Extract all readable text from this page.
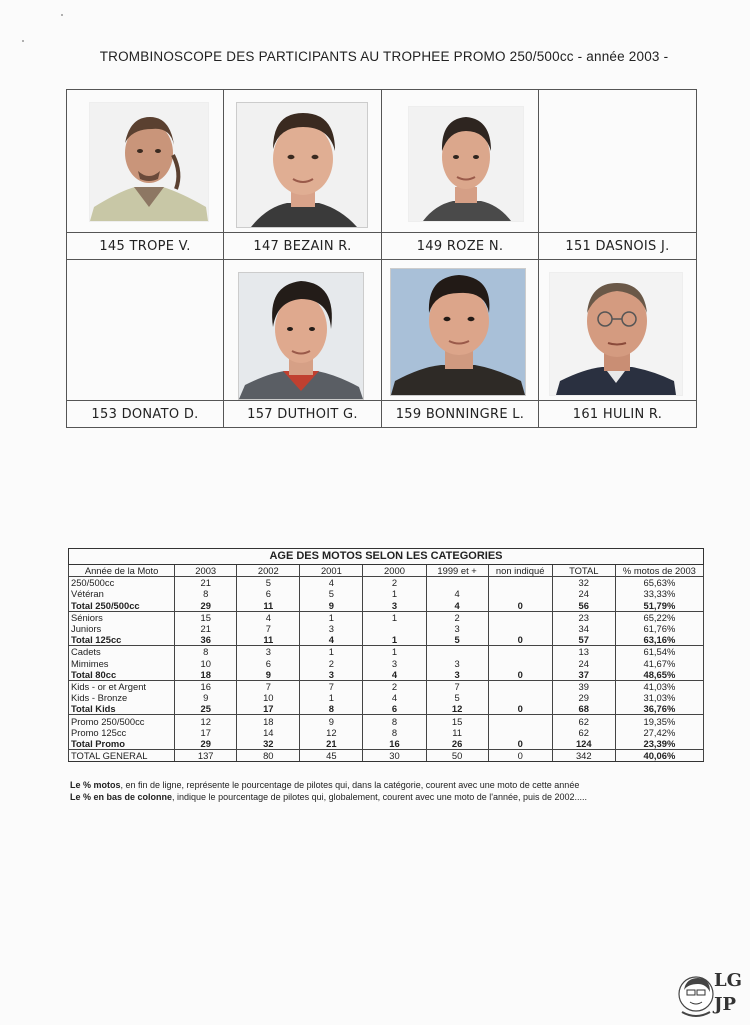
TROMBINOSCOPE DES PARTICIPANTS AU TROPHEE PROMO 250/500cc - année 2003 -

145 TROPE V.	147 BEZAIN R.	149 ROZE N.	151 DASNOIS J.

153 DONATO D.	157 DUTHOIT G.	159 BONNINGRE L.	161 HULIN R.
AGE DES MOTOS SELON LES CATEGORIES								
Année de la Moto	2003	2002	2001	2000	1999 et +	non indiqué	TOTAL	% motos de 2003
250/500cc	21	5	4	2			32	65,63%
Vétéran	8	6	5	1	4		24	33,33%
Total 250/500cc	29	11	9	3	4	0	56	51,79%
Séniors	15	4	1	1	2		23	65,22%
Juniors	21	7	3		3		34	61,76%
Total 125cc	36	11	4	1	5	0	57	63,16%
Cadets	8	3	1	1			13	61,54%
Mimimes	10	6	2	3	3		24	41,67%
Total 80cc	18	9	3	4	3	0	37	48,65%
Kids - or et Argent	16	7	7	2	7		39	41,03%
Kids - Bronze	9	10	1	4	5		29	31,03%
Total Kids	25	17	8	6	12	0	68	36,76%
Promo 250/500cc	12	18	9	8	15		62	19,35%
Promo 125cc	17	14	12	8	11		62	27,42%
Total Promo	29	32	21	16	26	0	124	23,39%
TOTAL GENERAL	137	80	45	30	50	0	342	40,06%
Le % motos, en fin de ligne, représente le pourcentage de pilotes qui, dans la catégorie, courent avec une moto de cette année
Le % en bas de colonne, indique le pourcentage de pilotes qui, globalement, courent avec une moto de l'année, puis de 2002.....
LG
JP
